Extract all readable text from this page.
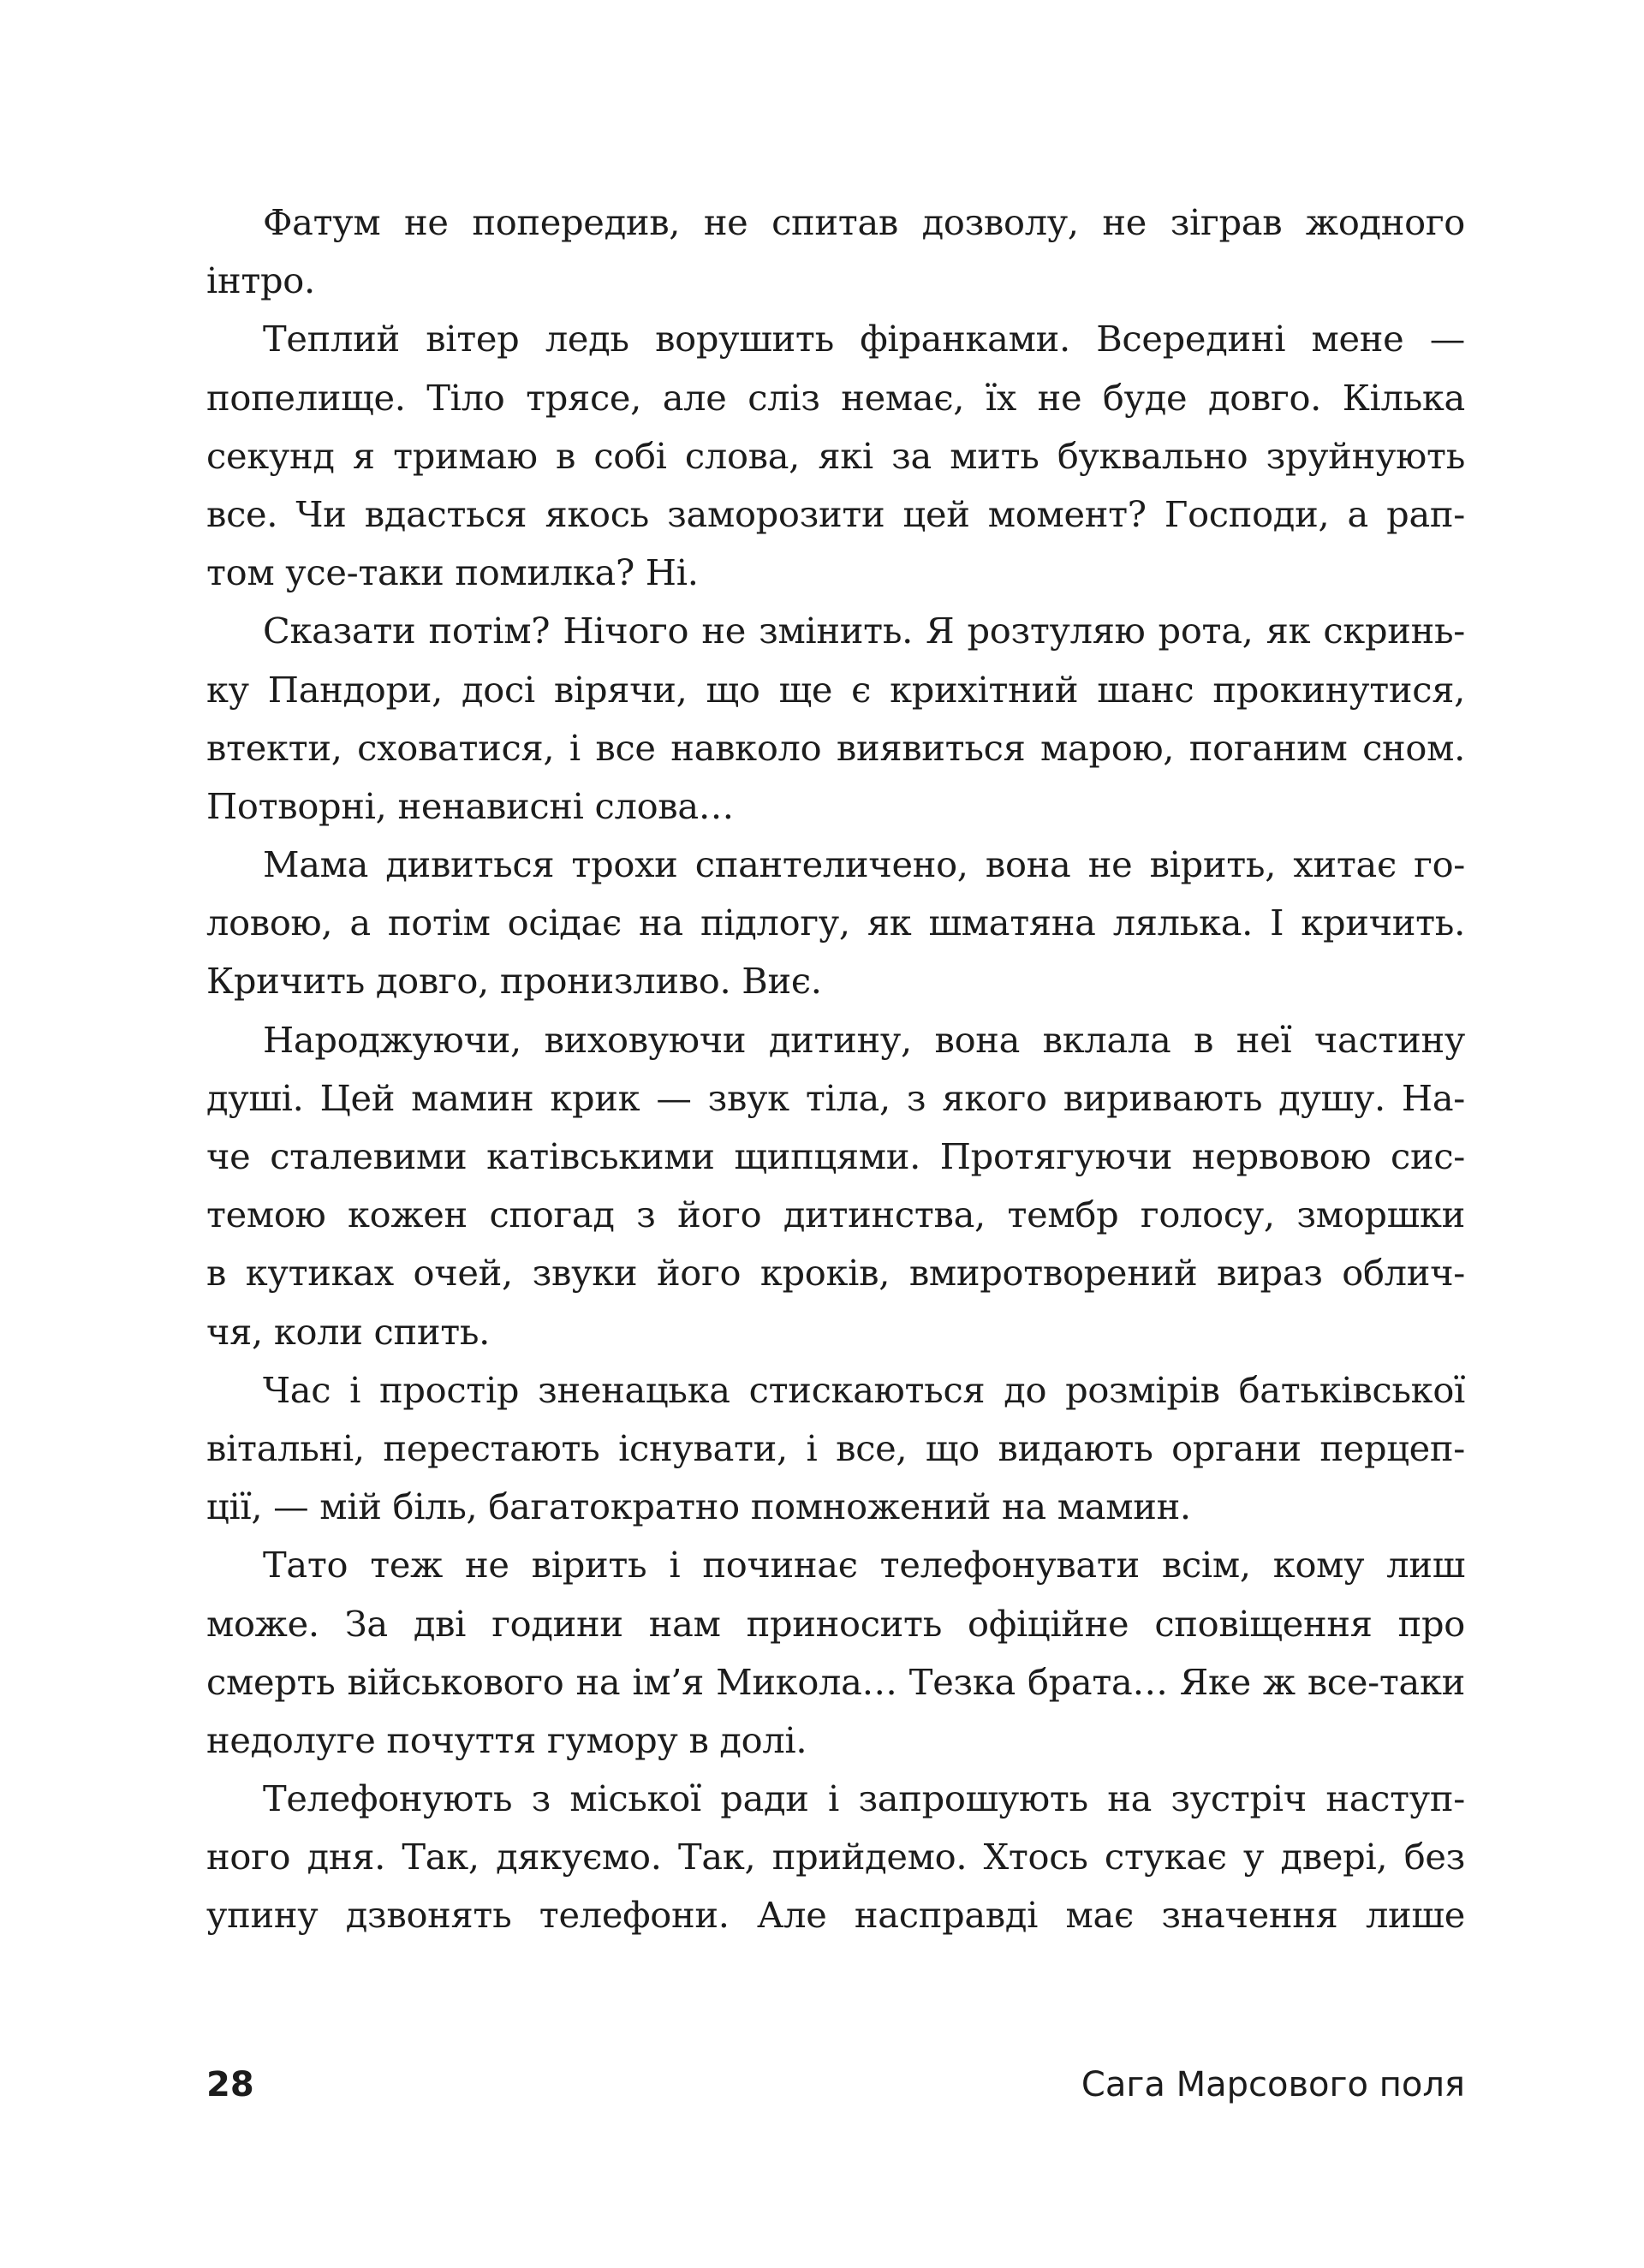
Фатум не попередив, не спитав дозволу, не зіграв жодного
інтро.
Теплий вітер ледь ворушить фіранками. Всередині мене —
попелище. Тіло трясе, але сліз немає, їх не буде довго. Кілька
секунд я тримаю в собі слова, які за мить буквально зруйнують
все. Чи вдасться якось заморозити цей момент? Господи, а рап-
том усе-таки помилка? Ні.
Сказати потім? Нічого не змінить. Я розтуляю рота, як скринь-
ку Пандори, досі вірячи, що ще є крихітний шанс прокинутися,
втекти, сховатися, і все навколо виявиться марою, поганим сном.
Потворні, ненависні слова…
Мама дивиться трохи спантеличено, вона не вірить, хитає го-
ловою, а потім осідає на підлогу, як шматяна лялька. І кричить.
Кричить довго, пронизливо. Виє.
Народжуючи, виховуючи дитину, вона вклала в неї частину
душі. Цей мамин крик — звук тіла, з якого виривають душу. На-
че сталевими катівськими щипцями. Протягуючи нервовою сис-
темою кожен спогад з його дитинства, тембр голосу, зморшки
в кутиках очей, звуки його кроків, вмиротворений вираз облич-
чя, коли спить.
Час і простір зненацька стискаються до розмірів батьківської
вітальні, перестають існувати, і все, що видають органи перцеп-
ції, — мій біль, багатократно помножений на мамин.
Тато теж не вірить і починає телефонувати всім, кому лиш
може. За дві години нам приносить офіційне сповіщення про
смерть військового на ім’я Микола… Тезка брата… Яке ж все-таки
недолуге почуття гумору в долі.
Телефонують з міської ради і запрошують на зустріч наступ-
ного дня. Так, дякуємо. Так, прийдемо. Хтось стукає у двері, без
упину дзвонять телефони. Але насправді має значення лише
28	Сага Марсового поля
